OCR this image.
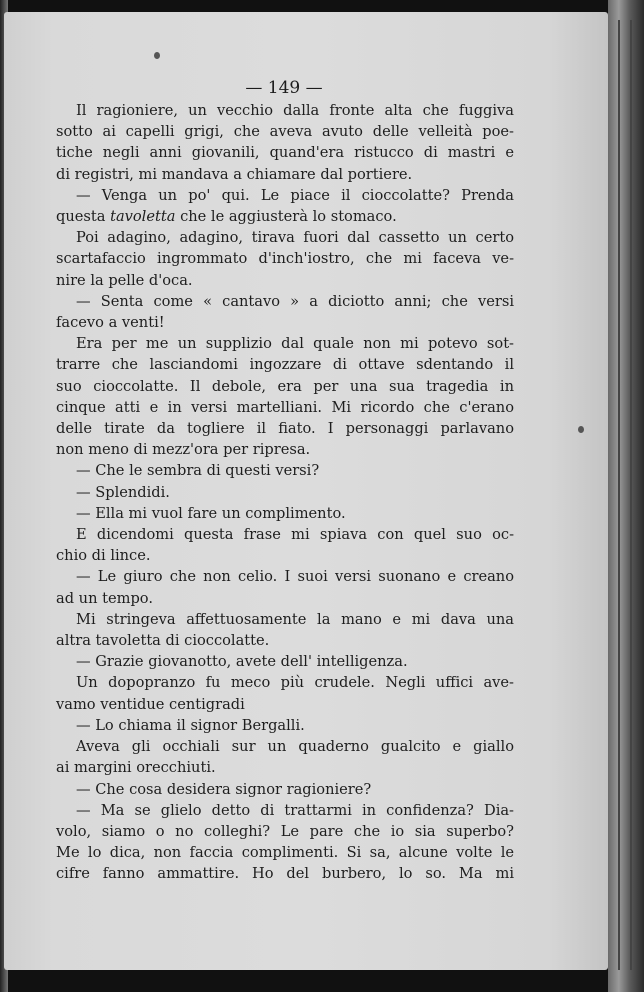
— 149 —
Il ragioniere, un vecchio dalla fronte alta che fuggiva
sotto ai capelli grigi, che aveva avuto delle velleità poe-
tiche negli anni giovanili, quand'era ristucco di mastri e
di registri, mi mandava a chiamare dal portiere.
— Venga un po' qui. Le piace il cioccolatte? Prenda
questa tavoletta che le aggiusterà lo stomaco.
Poi adagino, adagino, tirava fuori dal cassetto un certo
scartafaccio ingrommato d'inch'iostro, che mi faceva ve-
nire la pelle d'oca.
— Senta come « cantavo » a diciotto anni; che versi
facevo a venti!
Era per me un supplizio dal quale non mi potevo sot-
trarre che lasciandomi ingozzare di ottave sdentando il
suo cioccolatte. Il debole, era per una sua tragedia in
cinque atti e in versi martelliani. Mi ricordo che c'erano
delle tirate da togliere il fiato. I personaggi parlavano
non meno di mezz'ora per ripresa.
— Che le sembra di questi versi?
— Splendidi.
— Ella mi vuol fare un complimento.
E dicendomi questa frase mi spiava con quel suo oc-
chio di lince.
— Le giuro che non celio. I suoi versi suonano e creano
ad un tempo.
Mi stringeva affettuosamente la mano e mi dava una
altra tavoletta di cioccolatte.
— Grazie giovanotto, avete dell' intelligenza.
Un dopopranzo fu meco più crudele. Negli uffici ave-
vamo ventidue centigradi
— Lo chiama il signor Bergalli.
Aveva gli occhiali sur un quaderno gualcito e giallo
ai margini orecchiuti.
— Che cosa desidera signor ragioniere?
— Ma se glielo detto di trattarmi in confidenza? Dia-
volo, siamo o no colleghi? Le pare che io sia superbo?
Me lo dica, non faccia complimenti. Si sa, alcune volte le
cifre fanno ammattire. Ho del burbero, lo so. Ma mi
